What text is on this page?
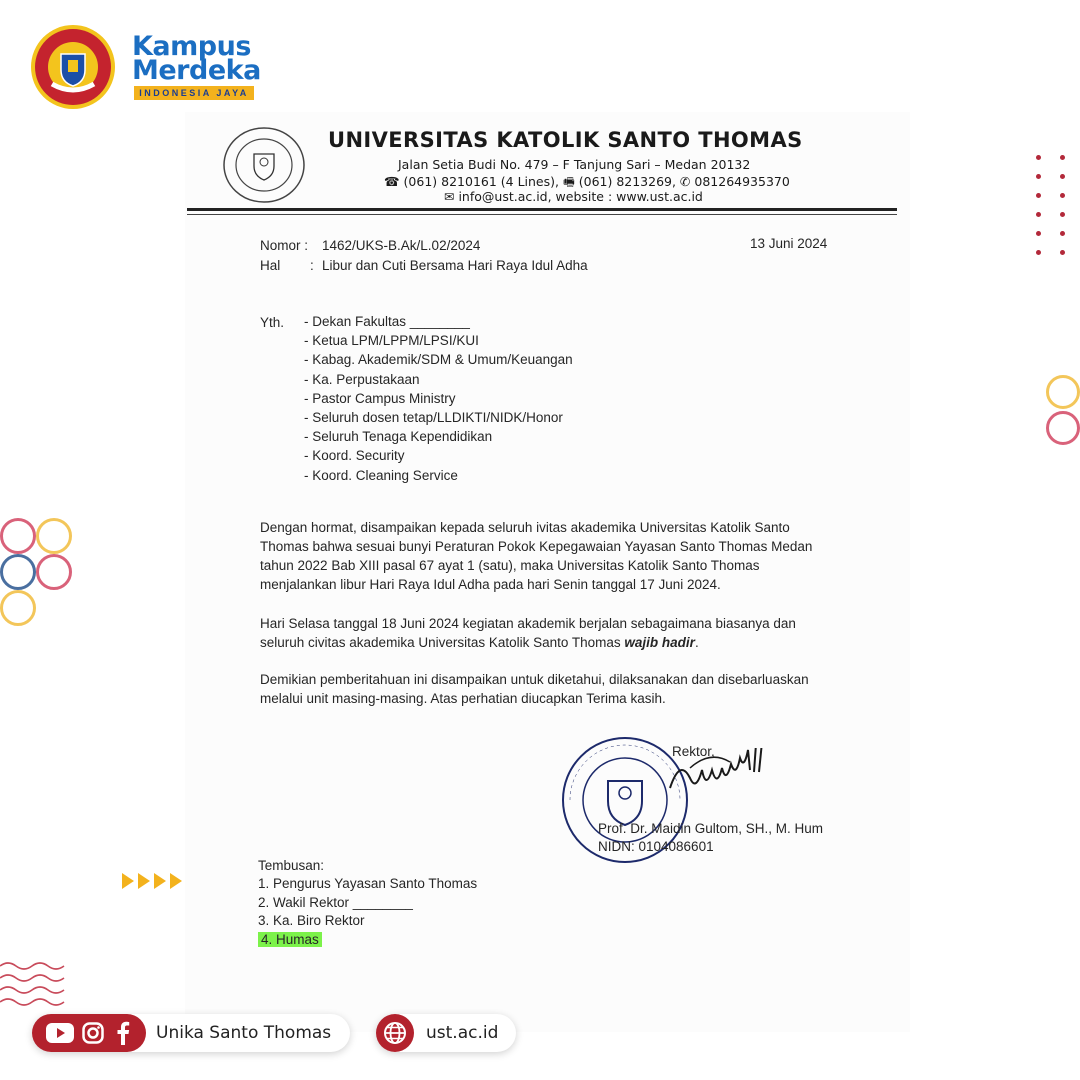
Kampus
Merdeka
INDONESIA JAYA
UNIVERSITAS KATOLIK SANTO THOMAS
Jalan Setia Budi No. 479 – F Tanjung Sari – Medan 20132
☎ (061) 8210161 (4 Lines), 🖷 (061) 8213269, ✆ 081264935370
✉ info@ust.ac.id, website : www.ust.ac.id
Nomor : 1462/UKS-B.Ak/L.02/2024	13 Juni 2024
Hal : Libur dan Cuti Bersama Hari Raya Idul Adha
Yth. - Dekan Fakultas ________
- Ketua LPM/LPPM/LPSI/KUI
- Kabag. Akademik/SDM & Umum/Keuangan
- Ka. Perpustakaan
- Pastor Campus Ministry
- Seluruh dosen tetap/LLDIKTI/NIDK/Honor
- Seluruh Tenaga Kependidikan
- Koord. Security
- Koord. Cleaning Service
Dengan hormat, disampaikan kepada seluruh ivitas akademika Universitas Katolik Santo
Thomas bahwa sesuai bunyi Peraturan Pokok Kepegawaian Yayasan Santo Thomas Medan
tahun 2022 Bab XIII pasal 67 ayat 1 (satu), maka Universitas Katolik Santo Thomas
menjalankan libur Hari Raya Idul Adha pada hari Senin tanggal 17 Juni 2024.
Hari Selasa tanggal 18 Juni 2024 kegiatan akademik berjalan sebagaimana biasanya dan
seluruh civitas akademika Universitas Katolik Santo Thomas wajib hadir.
Demikian pemberitahuan ini disampaikan untuk diketahui, dilaksanakan dan disebarluaskan
melalui unit masing-masing. Atas perhatian diucapkan Terima kasih.
Rektor,
Prof. Dr. Maidin Gultom, SH., M. Hum
NIDN: 0104086601
Tembusan:
1. Pengurus Yayasan Santo Thomas
2. Wakil Rektor ________
3. Ka. Biro Rektor
4. Humas
Unika Santo Thomas	ust.ac.id
